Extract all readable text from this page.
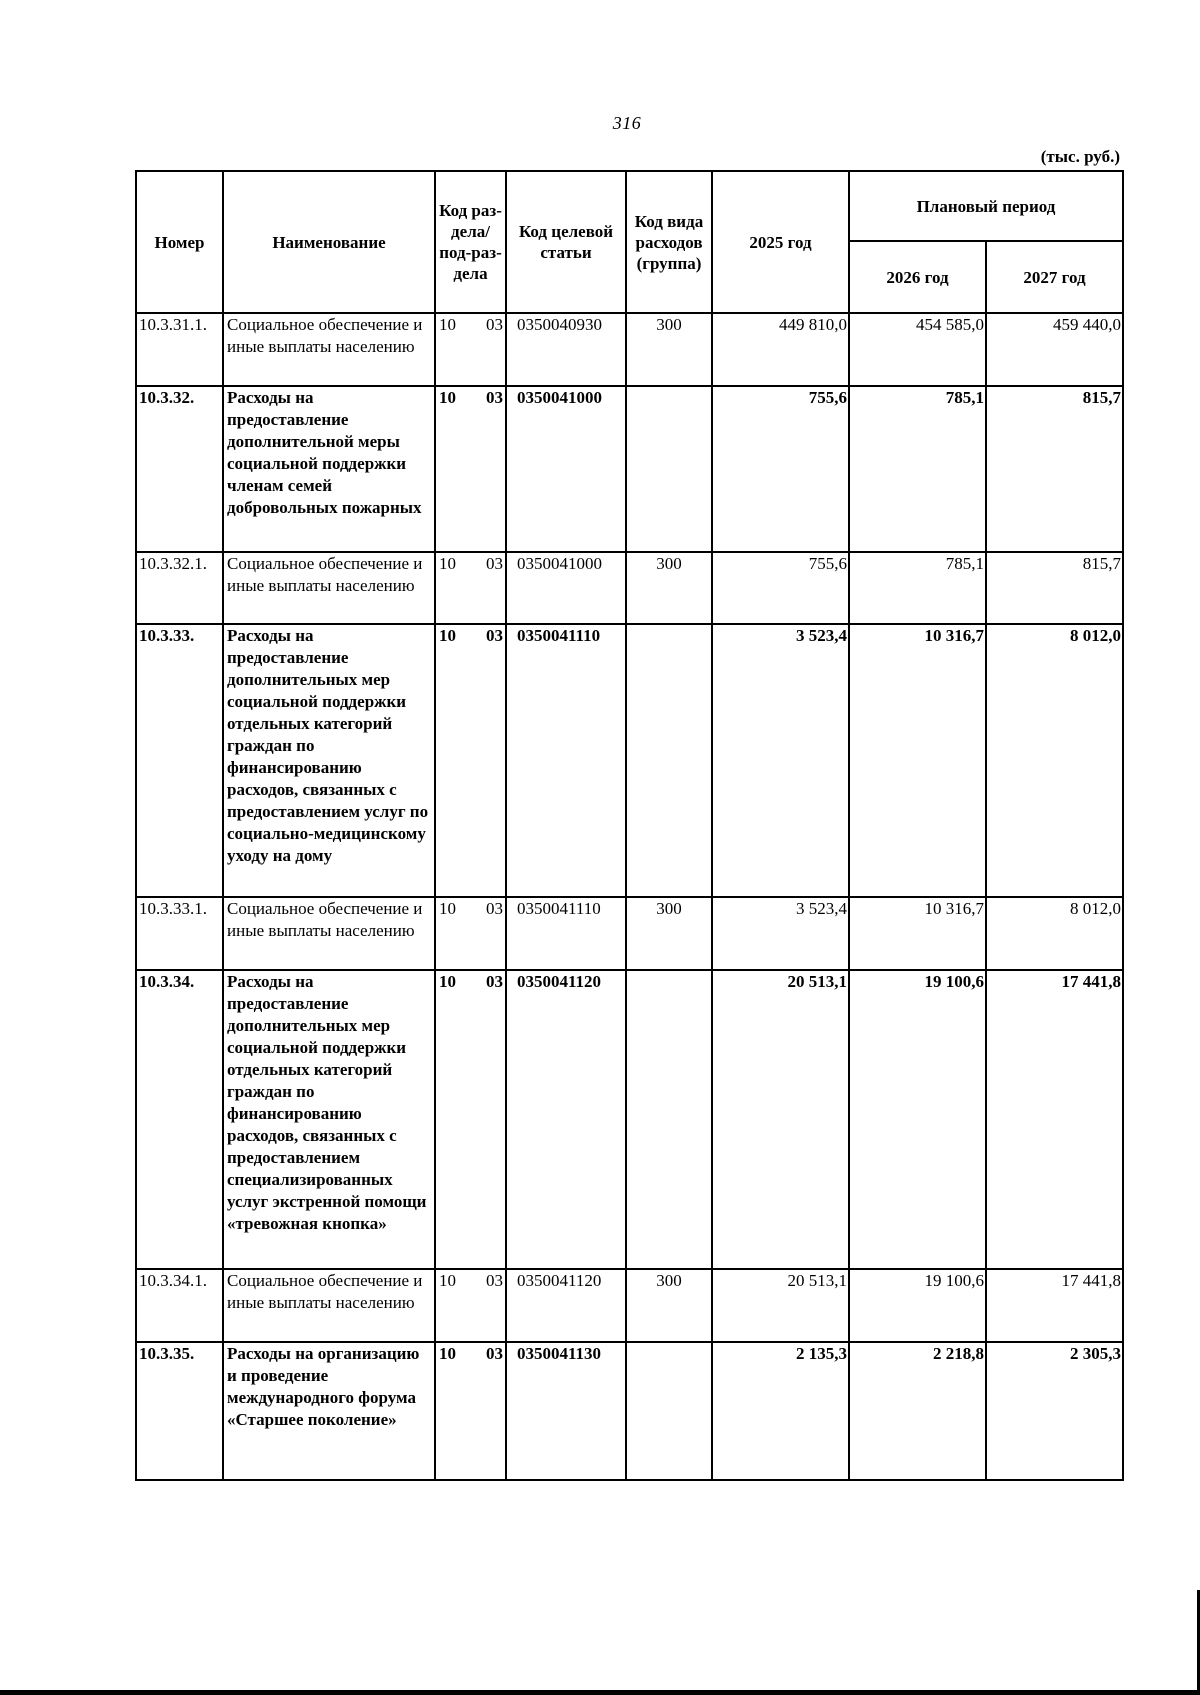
316
(тыс. руб.)
Номер	Наименование	Код раз-дела/ под-раз-дела	Код целевой статьи	Код вида расходов (группа)	2025 год	Плановый период	
						2026 год	2027 год
10.3.31.1.	Социальное обеспечение и иные выплаты населению	10 03	0350040930	300	449 810,0	454 585,0	459 440,0
10.3.32.	Расходы на предоставление дополнительной меры социальной поддержки членам семей добровольных пожарных	10 03	0350041000		755,6	785,1	815,7
10.3.32.1.	Социальное обеспечение и иные выплаты населению	10 03	0350041000	300	755,6	785,1	815,7
10.3.33.	Расходы на предоставление дополнительных мер социальной поддержки отдельных категорий граждан по финансированию расходов, связанных с предоставлением услуг по социально-медицинскому уходу на дому	10 03	0350041110		3 523,4	10 316,7	8 012,0
10.3.33.1.	Социальное обеспечение и иные выплаты населению	10 03	0350041110	300	3 523,4	10 316,7	8 012,0
10.3.34.	Расходы на предоставление дополнительных мер социальной поддержки отдельных категорий граждан по финансированию расходов, связанных с предоставлением специализированных услуг экстренной помощи «тревожная кнопка»	10 03	0350041120		20 513,1	19 100,6	17 441,8
10.3.34.1.	Социальное обеспечение и иные выплаты населению	10 03	0350041120	300	20 513,1	19 100,6	17 441,8
10.3.35.	Расходы на организацию и проведение международного форума «Старшее поколение»	10 03	0350041130		2 135,3	2 218,8	2 305,3
